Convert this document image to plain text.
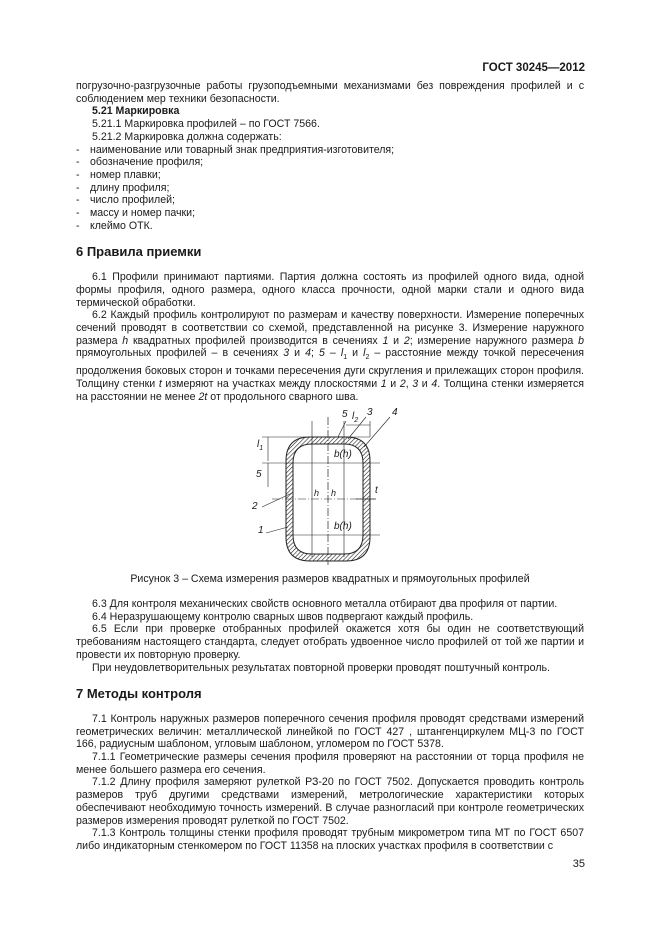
ГОСТ 30245—2012

погрузочно-разгрузочные работы грузоподъемными механизмами без повреждения профилей и с соблюдением мер техники безопасности.

5.21 Маркировка

5.21.1 Маркировка профилей – по ГОСТ 7566.

5.21.2 Маркировка должна содержать:

- наименование или товарный знак предприятия-изготовителя;
- обозначение профиля;
- номер плавки;
- длину профиля;
- число профилей;
- массу и номер пачки;
- клеймо ОТК.

6 Правила приемки

6.1 Профили принимают партиями. Партия должна состоять из профилей одного вида, одной формы профиля, одного размера, одного класса прочности, одной марки стали и одного вида термической обработки.

6.2 Каждый профиль контролируют по размерам и качеству поверхности. Измерение поперечных сечений проводят в соответствии со схемой, представленной на рисунке 3. Измерение наружного размера h квадратных профилей производится в сечениях 1 и 2; измерение наружного размера b прямоугольных профилей – в сечениях 3 и 4; $5 - l_1$ и $l_2$ – расстояние между точкой пересечения продолжения боковых сторон и точками пересечения дуги скругления и прилежащих сторон профиля. Толщину стенки t измеряют на участках между плоскостями 1 и 2, 3 и 4. Толщина стенки измеряется на расстоянии не менее 2t от продольного сварного шва.

$l_2$
5 3 4
$l_1$
5
2
1
t
b(h)
b(h)
h h

Рисунок 3 – Схема измерения размеров квадратных и прямоугольных профилей

6.3 Для контроля механических свойств основного металла отбирают два профиля от партии.

6.4 Неразрушающему контролю сварных швов подвергают каждый профиль.

6.5 Если при проверке отобранных профилей окажется хотя бы один не соответствующий требованиям настоящего стандарта, следует отобрать удвоенное число профилей от той же партии и провести их повторную проверку.

При неудовлетворительных результатах повторной проверки проводят поштучный контроль.

7 Методы контроля

7.1 Контроль наружных размеров поперечного сечения профиля проводят средствами измерений геометрических величин: металлической линейкой по ГОСТ 427 , штангенциркулем МЦ-3 по ГОСТ 166, радиусным шаблоном, угловым шаблоном, угломером по ГОСТ 5378.

7.1.1 Геометрические размеры сечения профиля проверяют на расстоянии от торца профиля не менее большего размера его сечения.

7.1.2 Длину профиля замеряют рулеткой РЗ-20 по ГОСТ 7502. Допускается проводить контроль размеров труб другими средствами измерений, метрологические характеристики которых обеспечивают необходимую точность измерений. В случае разногласий при контроле геометрических размеров измерения проводят рулеткой по ГОСТ 7502.

7.1.3 Контроль толщины стенки профиля проводят трубным микрометром типа МТ по ГОСТ 6507 либо индикаторным стенкомером по ГОСТ 11358 на плоских участках профиля в соответствии с

35
